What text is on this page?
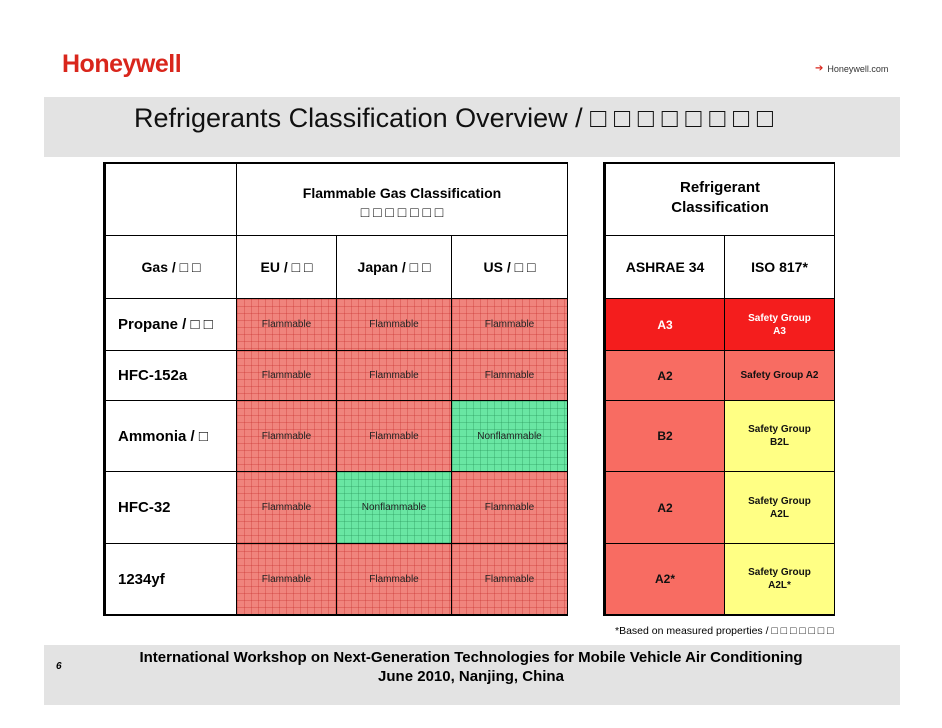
Honeywell	➔ Honeywell.com
Refrigerants Classification Overview / □ □ □ □ □ □ □ □
Flammable Gas Classification
□ □ □ □ □ □ □
Gas / □ □	EU / □ □	Japan / □ □	US / □ □
Propane / □ □	Flammable	Flammable	Flammable
HFC-152a	Flammable	Flammable	Flammable
Ammonia / □	Flammable	Flammable	Nonflammable
HFC-32	Flammable	Nonflammable	Flammable
1234yf	Flammable	Flammable	Flammable
Refrigerant
Classification
ASHRAE 34	ISO 817*
A3	Safety Group
A3
A2	Safety Group A2
B2	Safety Group
B2L
A2	Safety Group
A2L
A2*	Safety Group
A2L*
*Based on measured properties / □ □ □ □ □ □ □
6
International Workshop on Next-Generation Technologies for Mobile Vehicle Air Conditioning
June 2010, Nanjing, China
